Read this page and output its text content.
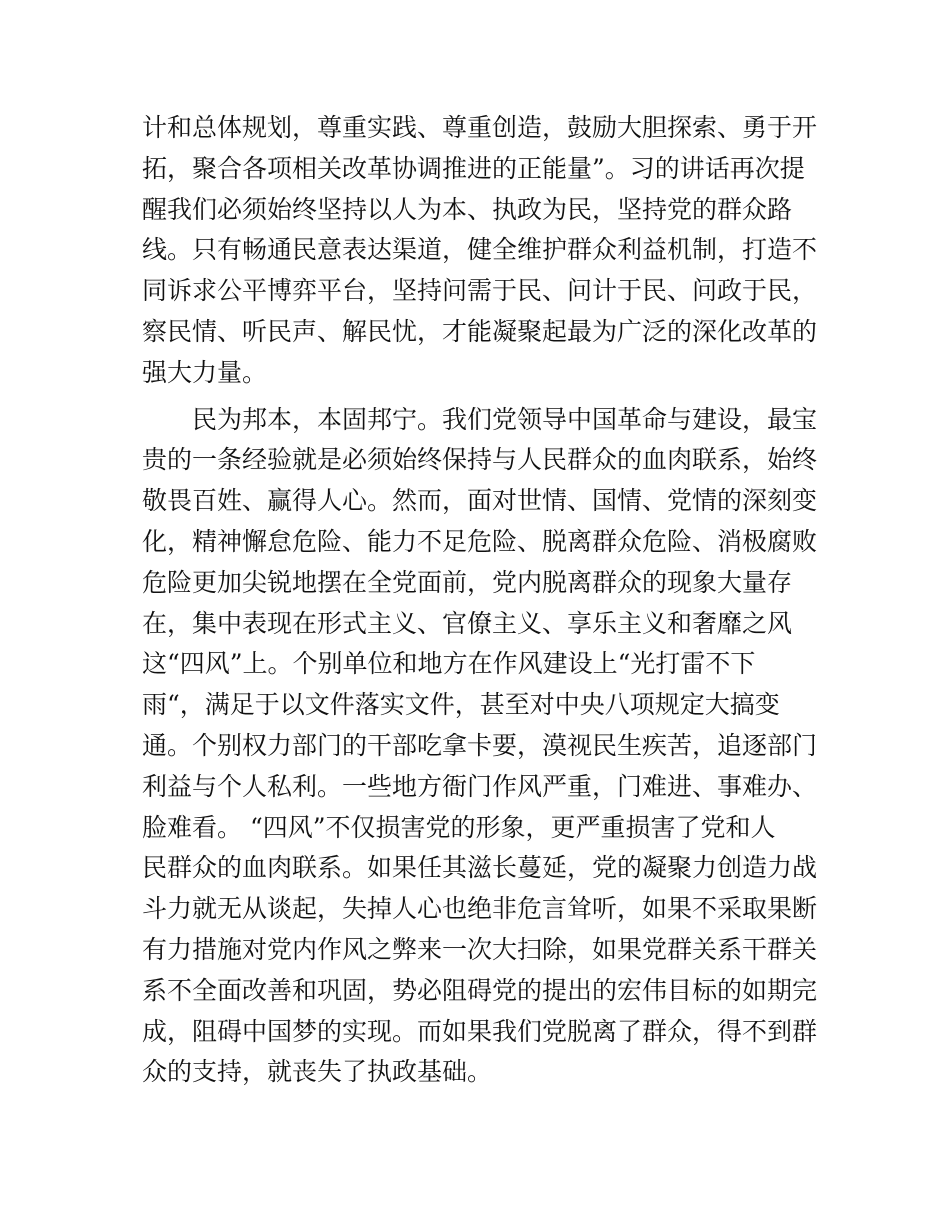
计和总体规划，尊重实践、尊重创造，鼓励大胆探索、勇于开
拓，聚合各项相关改革协调推进的正能量”。习的讲话再次提
醒我们必须始终坚持以人为本、执政为民，坚持党的群众路
线。只有畅通民意表达渠道，健全维护群众利益机制，打造不
同诉求公平博弈平台，坚持问需于民、问计于民、问政于民，
察民情、听民声、解民忧，才能凝聚起最为广泛的深化改革的
强大力量。
民为邦本，本固邦宁。我们党领导中国革命与建设，最宝
贵的一条经验就是必须始终保持与人民群众的血肉联系，始终
敬畏百姓、赢得人心。然而，面对世情、国情、党情的深刻变
化，精神懈怠危险、能力不足危险、脱离群众危险、消极腐败
危险更加尖锐地摆在全党面前，党内脱离群众的现象大量存
在，集中表现在形式主义、官僚主义、享乐主义和奢靡之风
这“四风”上。个别单位和地方在作风建设上“光打雷不下
雨“，满足于以文件落实文件，甚至对中央八项规定大搞变
通。个别权力部门的干部吃拿卡要，漠视民生疾苦，追逐部门
利益与个人私利。一些地方衙门作风严重，门难进、事难办、
脸难看。 “四风”不仅损害党的形象，更严重损害了党和人
民群众的血肉联系。如果任其滋长蔓延，党的凝聚力创造力战
斗力就无从谈起，失掉人心也绝非危言耸听，如果不采取果断
有力措施对党内作风之弊来一次大扫除，如果党群关系干群关
系不全面改善和巩固，势必阻碍党的提出的宏伟目标的如期完
成，阻碍中国梦的实现。而如果我们党脱离了群众，得不到群
众的支持，就丧失了执政基础。
